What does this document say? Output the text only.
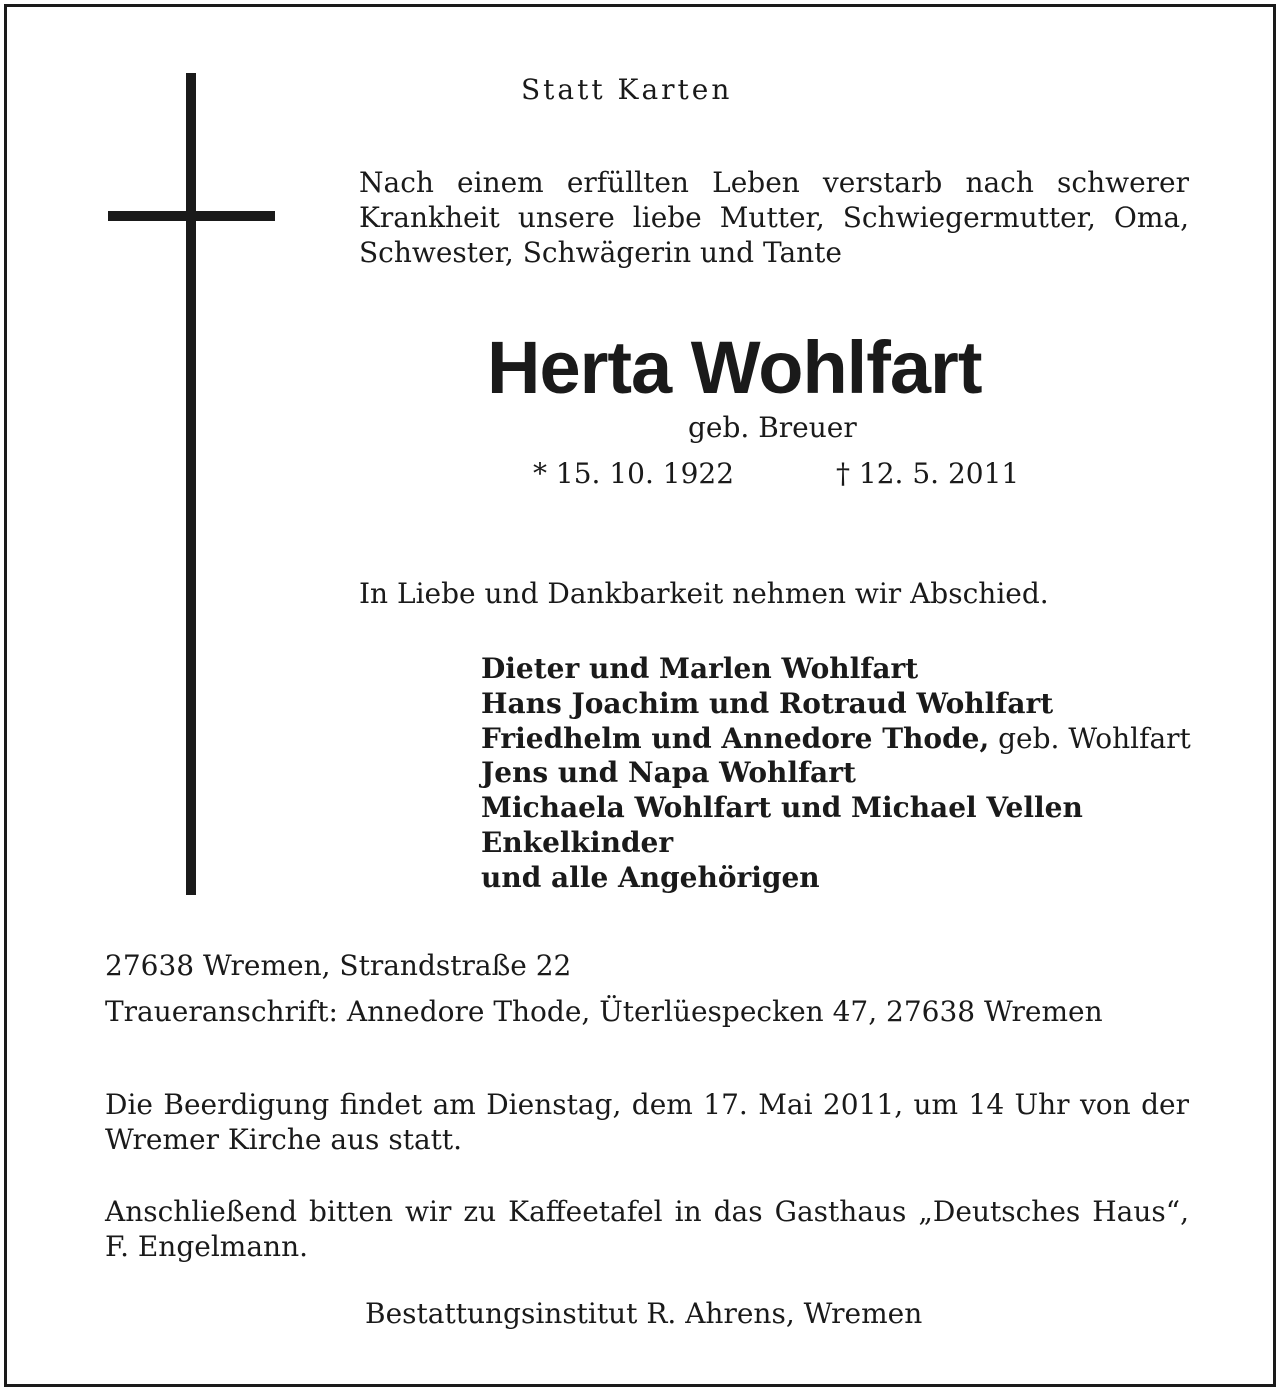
Statt Karten
Nach einem erfüllten Leben verstarb nach schwerer
Krankheit unsere liebe Mutter, Schwiegermutter, Oma,
Schwester, Schwägerin und Tante
Herta Wohlfart
geb. Breuer
* 15. 10. 1922	† 12. 5. 2011
In Liebe und Dankbarkeit nehmen wir Abschied.
Dieter und Marlen Wohlfart
Hans Joachim und Rotraud Wohlfart
Friedhelm und Annedore Thode, geb. Wohlfart
Jens und Napa Wohlfart
Michaela Wohlfart und Michael Vellen
Enkelkinder
und alle Angehörigen
27638 Wremen, Strandstraße 22
Traueranschrift: Annedore Thode, Üterlüespecken 47, 27638 Wremen
Die Beerdigung findet am Dienstag, dem 17. Mai 2011, um 14 Uhr von der
Wremer Kirche aus statt.
Anschließend bitten wir zu Kaffeetafel in das Gasthaus „Deutsches Haus“,
F. Engelmann.
Bestattungsinstitut R. Ahrens, Wremen
